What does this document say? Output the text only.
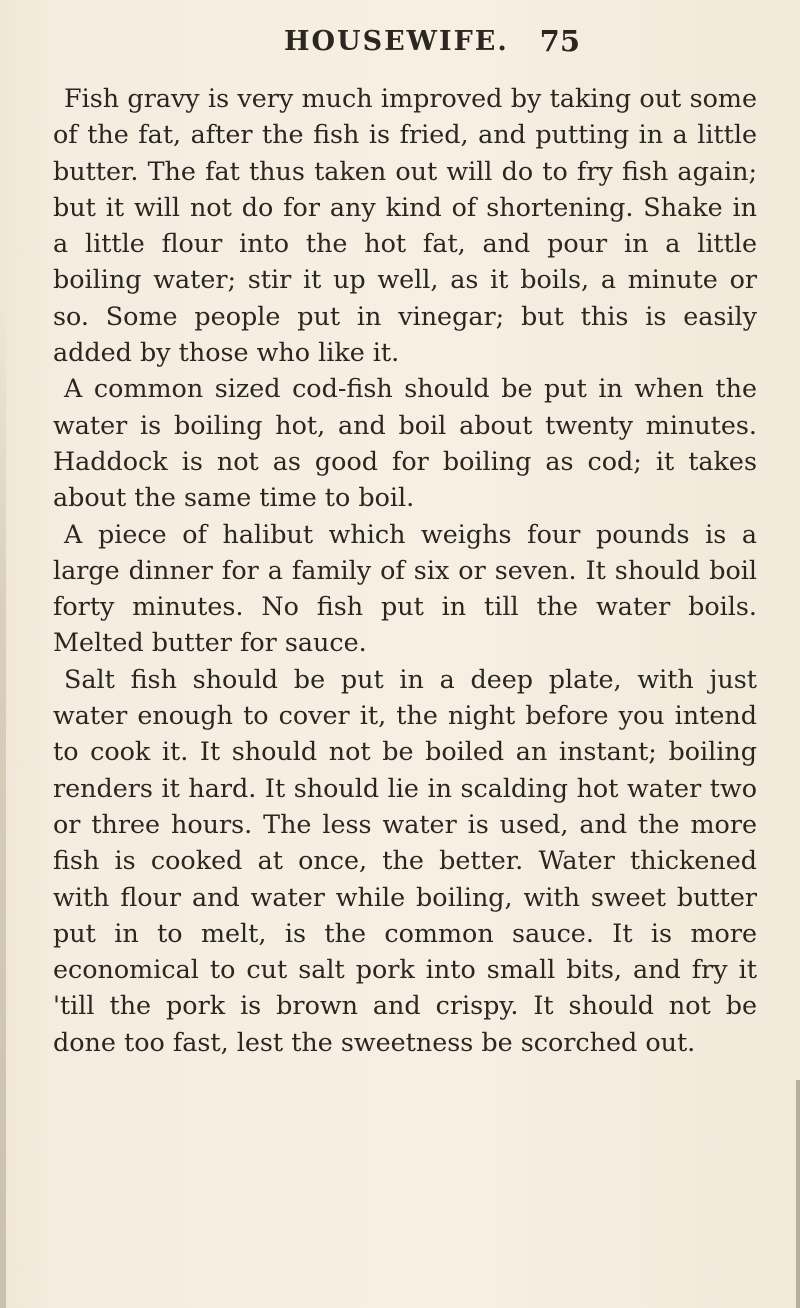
HOUSEWIFE. 75

Fish gravy is very much improved by taking out some of the fat, after the fish is fried, and putting in a little butter. The fat thus taken out will do to fry fish again; but it will not do for any kind of shortening. Shake in a little flour into the hot fat, and pour in a little boiling water; stir it up well, as it boils, a minute or so. Some people put in vinegar; but this is easily added by those who like it.

A common sized cod-fish should be put in when the water is boiling hot, and boil about twenty minutes. Haddock is not as good for boiling as cod; it takes about the same time to boil.

A piece of halibut which weighs four pounds is a large dinner for a family of six or seven. It should boil forty minutes. No fish put in till the water boils. Melted butter for sauce.

Salt fish should be put in a deep plate, with just water enough to cover it, the night before you intend to cook it. It should not be boiled an instant; boiling renders it hard. It should lie in scalding hot water two or three hours. The less water is used, and the more fish is cooked at once, the better. Water thickened with flour and water while boiling, with sweet butter put in to melt, is the common sauce. It is more economical to cut salt pork into small bits, and fry it 'till the pork is brown and crispy. It should not be done too fast, lest the sweetness be scorched out.
